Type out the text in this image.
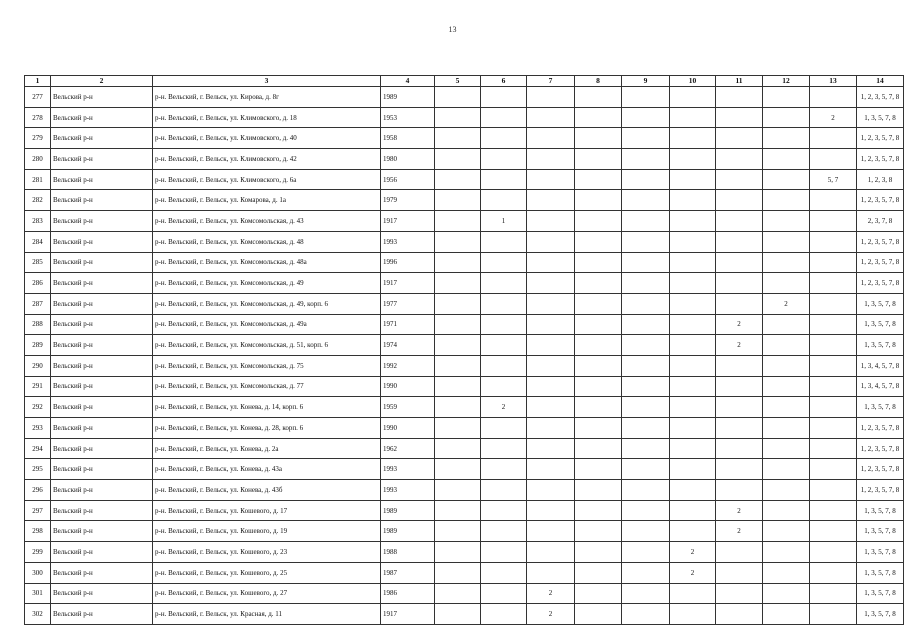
13
1	2	3	4	5	6	7	8	9	10	11	12	13	14
277	Вельский р-н	р-н. Вельский, г. Вельск, ул. Кирова, д. 8г	1989										1, 2, 3, 5, 7, 8
278	Вельский р-н	р-н. Вельский, г. Вельск, ул. Климовского, д. 18	1953									2	1, 3, 5, 7, 8
279	Вельский р-н	р-н. Вельский, г. Вельск, ул. Климовского, д. 40	1958										1, 2, 3, 5, 7, 8
280	Вельский р-н	р-н. Вельский, г. Вельск, ул. Климовского, д. 42	1980										1, 2, 3, 5, 7, 8
281	Вельский р-н	р-н. Вельский, г. Вельск, ул. Климовского, д. 6а	1956									5, 7	1, 2, 3, 8
282	Вельский р-н	р-н. Вельский, г. Вельск, ул. Комарова, д. 1а	1979										1, 2, 3, 5, 7, 8
283	Вельский р-н	р-н. Вельский, г. Вельск, ул. Комсомольская, д. 43	1917		1								2, 3, 7, 8
284	Вельский р-н	р-н. Вельский, г. Вельск, ул. Комсомольская, д. 48	1993										1, 2, 3, 5, 7, 8
285	Вельский р-н	р-н. Вельский, г. Вельск, ул. Комсомольская, д. 48а	1996										1, 2, 3, 5, 7, 8
286	Вельский р-н	р-н. Вельский, г. Вельск, ул. Комсомольская, д. 49	1917										1, 2, 3, 5, 7, 8
287	Вельский р-н	р-н. Вельский, г. Вельск, ул. Комсомольская, д. 49, корп. 6	1977								2		1, 3, 5, 7, 8
288	Вельский р-н	р-н. Вельский, г. Вельск, ул. Комсомольская, д. 49а	1971							2			1, 3, 5, 7, 8
289	Вельский р-н	р-н. Вельский, г. Вельск, ул. Комсомольская, д. 51, корп. 6	1974							2			1, 3, 5, 7, 8
290	Вельский р-н	р-н. Вельский, г. Вельск, ул. Комсомольская, д. 75	1992										1, 3, 4, 5, 7, 8
291	Вельский р-н	р-н. Вельский, г. Вельск, ул. Комсомольская, д. 77	1990										1, 3, 4, 5, 7, 8
292	Вельский р-н	р-н. Вельский, г. Вельск, ул. Конева, д. 14, корп. 6	1959		2								1, 3, 5, 7, 8
293	Вельский р-н	р-н. Вельский, г. Вельск, ул. Конева, д. 28, корп. 6	1990										1, 2, 3, 5, 7, 8
294	Вельский р-н	р-н. Вельский, г. Вельск, ул. Конева, д. 2а	1962										1, 2, 3, 5, 7, 8
295	Вельский р-н	р-н. Вельский, г. Вельск, ул. Конева, д. 43а	1993										1, 2, 3, 5, 7, 8
296	Вельский р-н	р-н. Вельский, г. Вельск, ул. Конева, д. 43б	1993										1, 2, 3, 5, 7, 8
297	Вельский р-н	р-н. Вельский, г. Вельск, ул. Кошевого, д. 17	1989							2			1, 3, 5, 7, 8
298	Вельский р-н	р-н. Вельский, г. Вельск, ул. Кошевого, д. 19	1989							2			1, 3, 5, 7, 8
299	Вельский р-н	р-н. Вельский, г. Вельск, ул. Кошевого, д. 23	1988						2				1, 3, 5, 7, 8
300	Вельский р-н	р-н. Вельский, г. Вельск, ул. Кошевого, д. 25	1987						2				1, 3, 5, 7, 8
301	Вельский р-н	р-н. Вельский, г. Вельск, ул. Кошевого, д. 27	1986			2							1, 3, 5, 7, 8
302	Вельский р-н	р-н. Вельский, г. Вельск, ул. Красная, д. 11	1917			2							1, 3, 5, 7, 8
